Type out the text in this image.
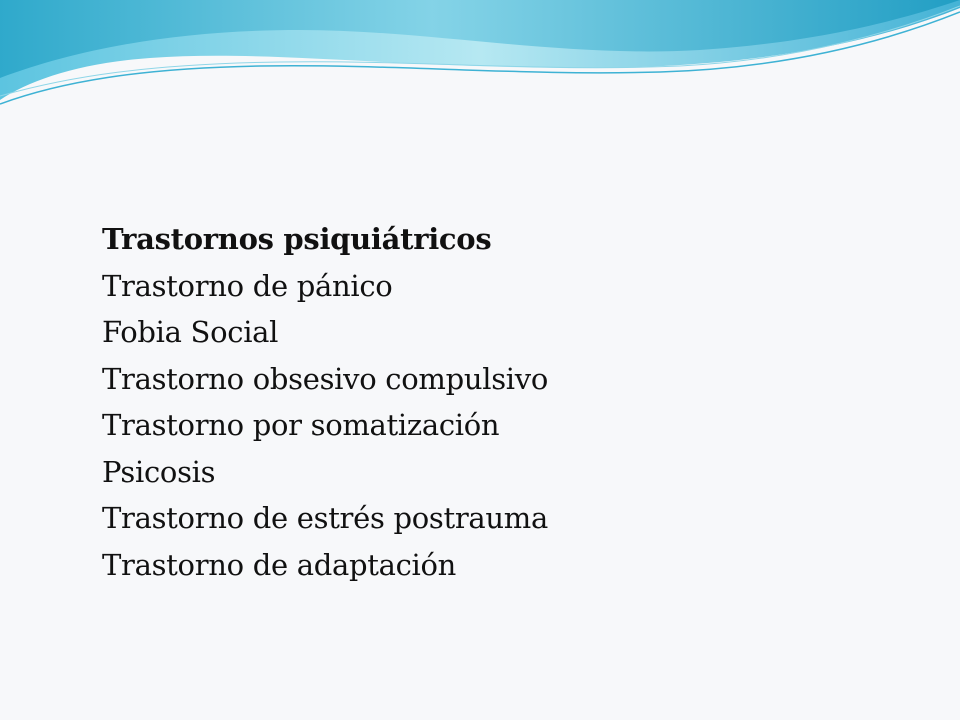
Trastornos psiquiátricos

Trastorno de pánico
Fobia Social
Trastorno obsesivo compulsivo
Trastorno por somatización
Psicosis
Trastorno de estrés postrauma
Trastorno de adaptación
